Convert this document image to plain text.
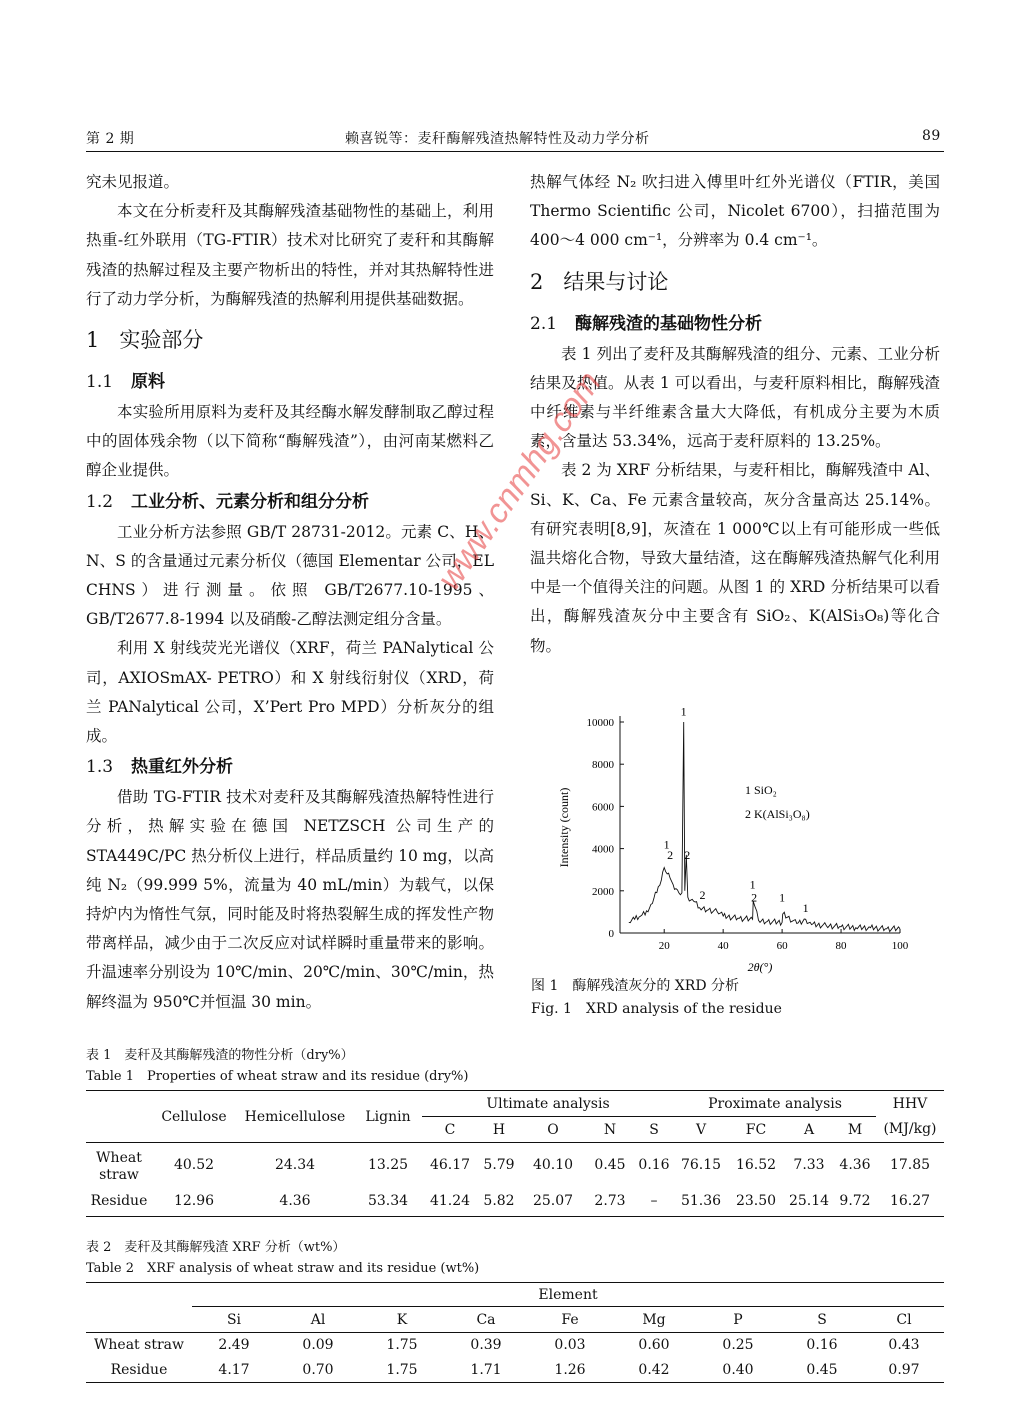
第 2 期	赖喜锐等：麦秆酶解残渣热解特性及动力学分析	89

究未见报道。

本文在分析麦秆及其酶解残渣基础物性的基础上，利用热重-红外联用（TG-FTIR）技术对比研究了麦秆和其酶解残渣的热解过程及主要产物析出的特性，并对其热解特性进行了动力学分析，为酶解残渣的热解利用提供基础数据。

1 实验部分

1.1 原料

本实验所用原料为麦秆及其经酶水解发酵制取乙醇过程中的固体残余物（以下简称“酶解残渣”），由河南某燃料乙醇企业提供。

1.2 工业分析、元素分析和组分分析

工业分析方法参照 GB/T 28731-2012。元素 C、H、N、S 的含量通过元素分析仪（德国 Elementar 公司，EL CHNS）进行测量。依照 GB/T2677.10-1995、GB/T2677.8-1994 以及硝酸-乙醇法测定组分含量。

利用 X 射线荧光光谱仪（XRF，荷兰 PANalytical 公司，AXIOSmAX- PETRO）和 X 射线衍射仪（XRD，荷兰 PANalytical 公司，X’Pert Pro MPD）分析灰分的组成。

1.3 热重红外分析

借助 TG-FTIR 技术对麦秆及其酶解残渣热解特性进行分析，热解实验在德国 NETZSCH 公司生产的 STA449C/PC 热分析仪上进行，样品质量约 10 mg，以高纯 N₂（99.999 5%，流量为 40 mL/min）为载气，以保持炉内为惰性气氛，同时能及时将热裂解生成的挥发性产物带离样品，减少由于二次反应对试样瞬时重量带来的影响。升温速率分别设为 10℃/min、20℃/min、30℃/min，热解终温为 950℃并恒温 30 min。

热解气体经 N₂ 吹扫进入傅里叶红外光谱仪（FTIR，美国 Thermo Scientific 公司，Nicolet 6700），扫描范围为 400～4 000 cm⁻¹，分辨率为 0.4 cm⁻¹。

2 结果与讨论

2.1 酶解残渣的基础物性分析

表 1 列出了麦秆及其酶解残渣的组分、元素、工业分析结果及热值。从表 1 可以看出，与麦秆原料相比，酶解残渣中纤维素与半纤维素含量大大降低，有机成分主要为木质素，含量达 53.34%，远高于麦秆原料的 13.25%。

表 2 为 XRF 分析结果，与麦秆相比，酶解残渣中 Al、Si、K、Ca、Fe 元素含量较高，灰分含量高达 25.14%。有研究表明[8,9]，灰渣在 1 000℃以上有可能形成一些低温共熔化合物，导致大量结渣，这在酶解残渣热解气化利用中是一个值得关注的问题。从图 1 的 XRD 分析结果可以看出，酶解残渣灰分中主要含有 SiO₂、K(AlSi₃O₈)等化合物。

0
2000
4000
6000
8000
10000
20	40	60	80	100
1
2
1
2
2
1
2 1
1
1 SiO₂
2 K(AlSi₃O₈)
2θ(°)
Intensity (count)
图 1　酶解残渣灰分的 XRD 分析
Fig. 1　XRD analysis of the residue
www.cnmhg.com
表 1　麦秆及其酶解残渣的物性分析（dry%）
Table 1　Properties of wheat straw and its residue (dry%)
	Cellulose	Hemicellulose	Lignin	Ultimate analysis					Proximate analysis				HHV
				C	H	O	N	S	V	FC	A	M	(MJ/kg)
Wheat straw	40.52	24.34	13.25	46.17	5.79	40.10	0.45	0.16	76.15	16.52	7.33	4.36	17.85
Residue	12.96	4.36	53.34	41.24	5.82	25.07	2.73	–	51.36	23.50	25.14	9.72	16.27
表 2　麦秆及其酶解残渣 XRF 分析（wt%）
Table 2　XRF analysis of wheat straw and its residue (wt%)
	Element								
	Si	Al	K	Ca	Fe	Mg	P	S	Cl
Wheat straw	2.49	0.09	1.75	0.39	0.03	0.60	0.25	0.16	0.43
Residue	4.17	0.70	1.75	1.71	1.26	0.42	0.40	0.45	0.97
